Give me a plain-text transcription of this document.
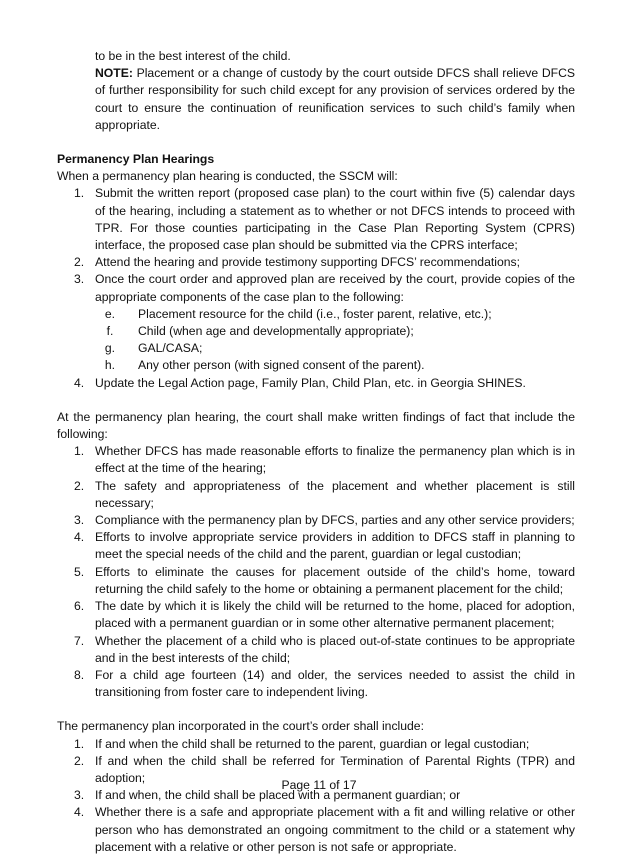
to be in the best interest of the child.
NOTE: Placement or a change of custody by the court outside DFCS shall relieve DFCS of further responsibility for such child except for any provision of services ordered by the court to ensure the continuation of reunification services to such child’s family when appropriate.
Permanency Plan Hearings
When a permanency plan hearing is conducted, the SSCM will:
1. Submit the written report (proposed case plan) to the court within five (5) calendar days of the hearing, including a statement as to whether or not DFCS intends to proceed with TPR. For those counties participating in the Case Plan Reporting System (CPRS) interface, the proposed case plan should be submitted via the CPRS interface;
2. Attend the hearing and provide testimony supporting DFCS’ recommendations;
3. Once the court order and approved plan are received by the court, provide copies of the appropriate components of the case plan to the following:
e. Placement resource for the child (i.e., foster parent, relative, etc.);
f. Child (when age and developmentally appropriate);
g. GAL/CASA;
h. Any other person (with signed consent of the parent).
4. Update the Legal Action page, Family Plan, Child Plan, etc. in Georgia SHINES.
At the permanency plan hearing, the court shall make written findings of fact that include the following:
1. Whether DFCS has made reasonable efforts to finalize the permanency plan which is in effect at the time of the hearing;
2. The safety and appropriateness of the placement and whether placement is still necessary;
3. Compliance with the permanency plan by DFCS, parties and any other service providers;
4. Efforts to involve appropriate service providers in addition to DFCS staff in planning to meet the special needs of the child and the parent, guardian or legal custodian;
5. Efforts to eliminate the causes for placement outside of the child’s home, toward returning the child safely to the home or obtaining a permanent placement for the child;
6. The date by which it is likely the child will be returned to the home, placed for adoption, placed with a permanent guardian or in some other alternative permanent placement;
7. Whether the placement of a child who is placed out-of-state continues to be appropriate and in the best interests of the child;
8. For a child age fourteen (14) and older, the services needed to assist the child in transitioning from foster care to independent living.
The permanency plan incorporated in the court’s order shall include:
1. If and when the child shall be returned to the parent, guardian or legal custodian;
2. If and when the child shall be referred for Termination of Parental Rights (TPR) and adoption;
3. If and when, the child shall be placed with a permanent guardian; or
4. Whether there is a safe and appropriate placement with a fit and willing relative or other person who has demonstrated an ongoing commitment to the child or a statement why placement with a relative or other person is not safe or appropriate.
Page 11 of 17
